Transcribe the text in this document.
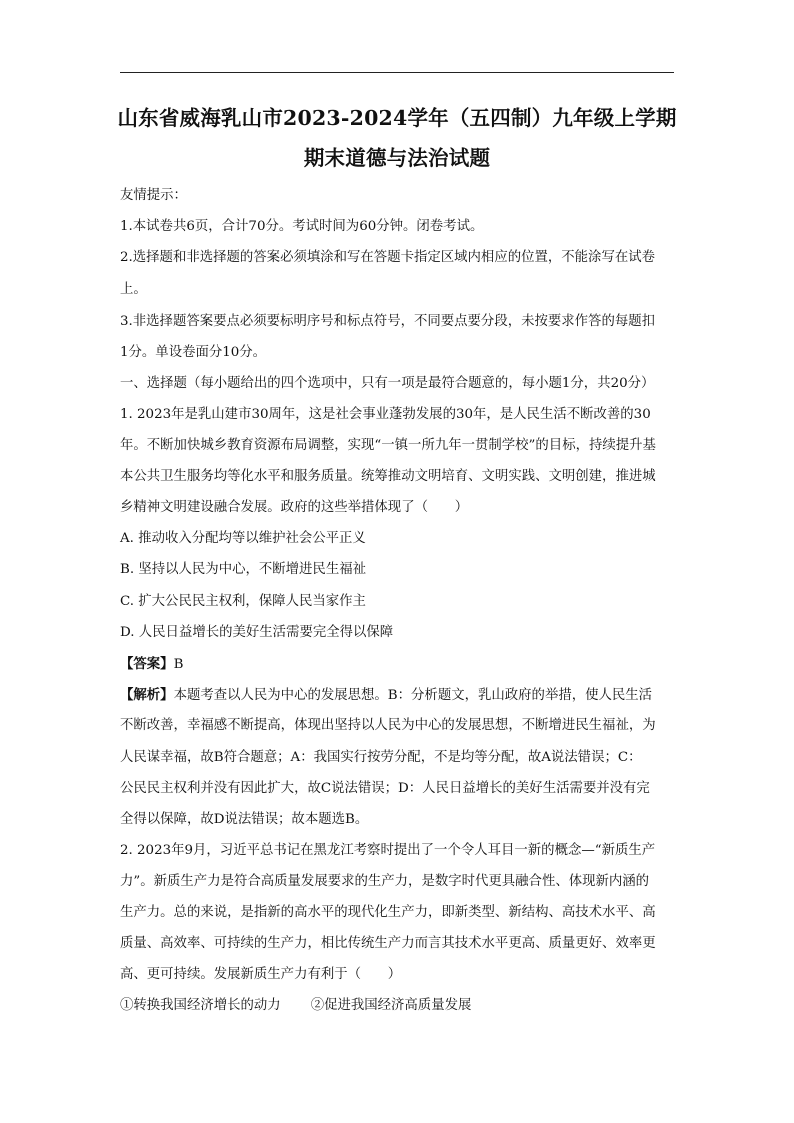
山东省威海乳山市2023-2024学年（五四制）九年级上学期
期末道德与法治试题
友情提示：
1.本试卷共6页，合计70分。考试时间为60分钟。闭卷考试。
2.选择题和非选择题的答案必须填涂和写在答题卡指定区域内相应的位置，不能涂写在试卷
上。
3.非选择题答案要点必须要标明序号和标点符号，不同要点要分段，未按要求作答的每题扣
1分。单设卷面分10分。
一、选择题（每小题给出的四个选项中，只有一项是最符合题意的，每小题1分，共20分）
1. 2023年是乳山建市30周年，这是社会事业蓬勃发展的30年，是人民生活不断改善的30
年。不断加快城乡教育资源布局调整，实现“一镇一所九年一贯制学校”的目标，持续提升基
本公共卫生服务均等化水平和服务质量。统筹推动文明培育、文明实践、文明创建，推进城
乡精神文明建设融合发展。政府的这些举措体现了（　　）
A. 推动收入分配均等以维护社会公平正义
B. 坚持以人民为中心，不断增进民生福祉
C. 扩大公民民主权利，保障人民当家作主
D. 人民日益增长的美好生活需要完全得以保障
【答案】B
【解析】本题考查以人民为中心的发展思想。B：分析题文，乳山政府的举措，使人民生活
不断改善，幸福感不断提高，体现出坚持以人民为中心的发展思想，不断增进民生福祉，为
人民谋幸福，故B符合题意；A：我国实行按劳分配，不是均等分配，故A说法错误；C：
公民民主权利并没有因此扩大，故C说法错误；D：人民日益增长的美好生活需要并没有完
全得以保障，故D说法错误；故本题选B。
2. 2023年9月，习近平总书记在黑龙江考察时提出了一个令人耳目一新的概念—“新质生产
力”。新质生产力是符合高质量发展要求的生产力，是数字时代更具融合性、体现新内涵的
生产力。总的来说，是指新的高水平的现代化生产力，即新类型、新结构、高技术水平、高
质量、高效率、可持续的生产力，相比传统生产力而言其技术水平更高、质量更好、效率更
高、更可持续。发展新质生产力有利于（　　）
①转换我国经济增长的动力 ②促进我国经济高质量发展
